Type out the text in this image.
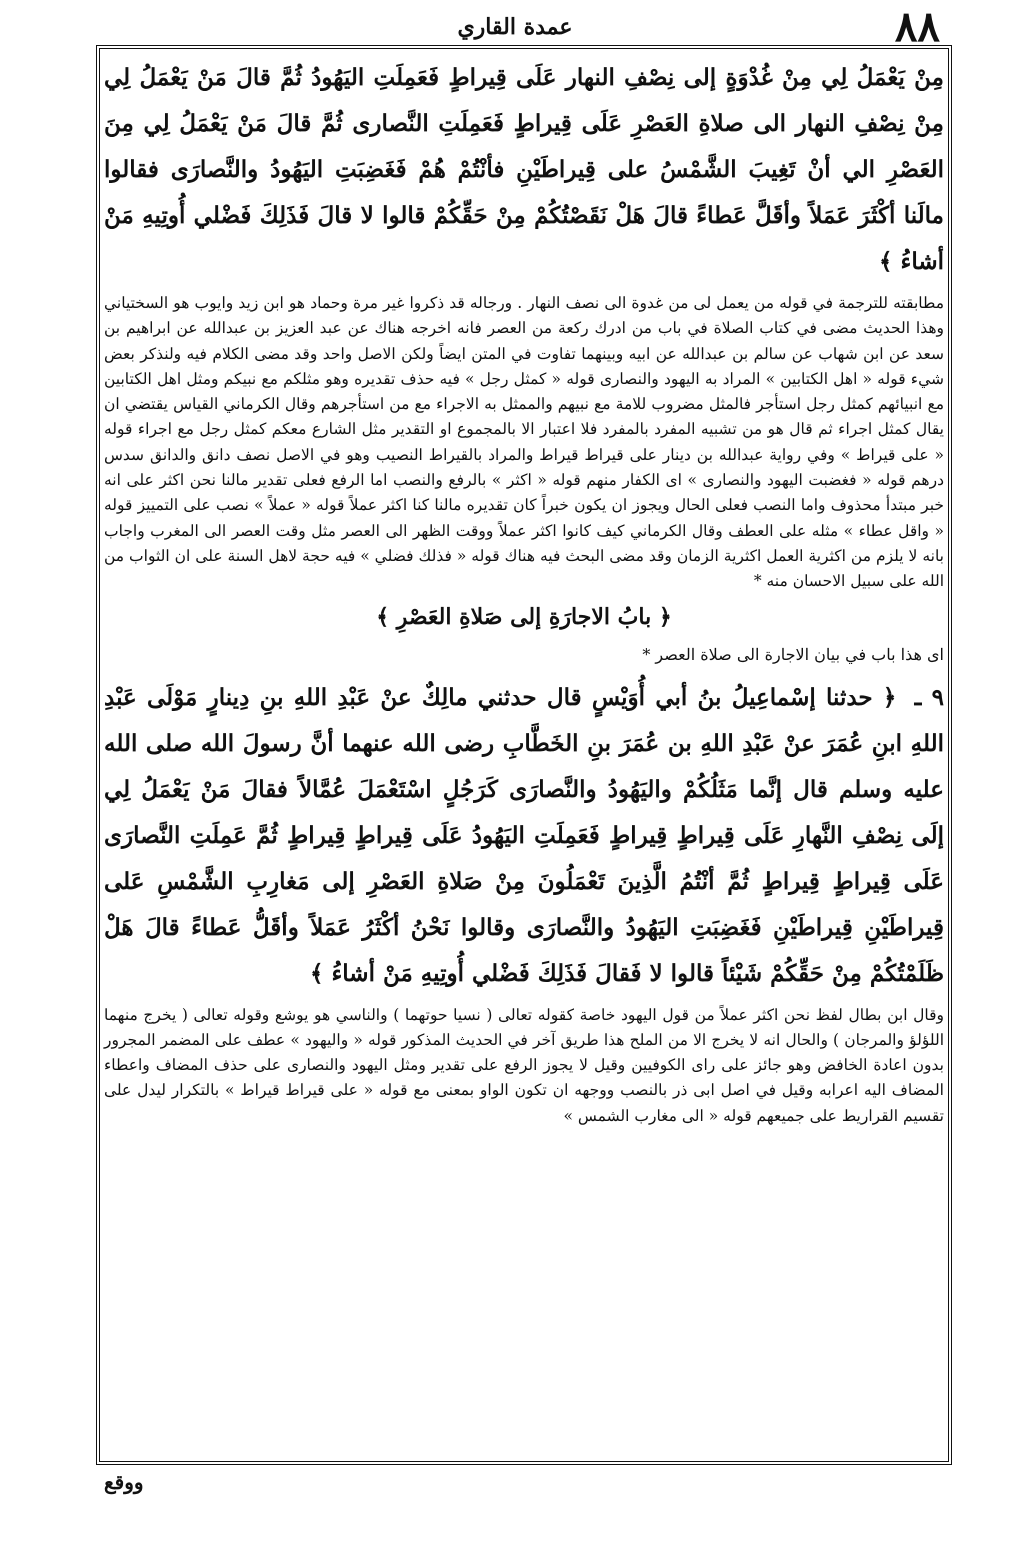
عمدة القاري	٨٨

مِنْ يَعْمَلُ لِي مِنْ غُدْوَةٍ إلى نِصْفِ النهار عَلَى قِيراطٍ فَعَمِلَتِ اليَهُودُ ثُمَّ قالَ مَنْ يَعْمَلُ لِي مِنْ نِصْفِ النهار الى صلاةِ العَصْرِ عَلَى قِيراطٍ فَعَمِلَتِ النَّصارى ثُمَّ قالَ مَنْ يَعْمَلُ لِي مِنَ العَصْرِ الي أنْ تَغِيبَ الشَّمْسُ على قِيراطَيْنِ فأنْتُمْ هُمْ فَغَضِبَتِ اليَهُودُ والنَّصارَى فقالوا مالَنا أكْثَرَ عَمَلاً وأقَلَّ عَطاءً قالَ هَلْ نَقَصْتُكُمْ مِنْ حَقِّكُمْ قالوا لا قالَ فَذَلِكَ فَضْلي أُوتِيهِ مَنْ أشاءُ ﴾

مطابقته للترجمة في قوله من يعمل لى من غدوة الى نصف النهار . ورجاله قد ذكروا غير مرة وحماد هو ابن زيد وايوب هو السختياني وهذا الحديث مضى في كتاب الصلاة في باب من ادرك ركعة من العصر فانه اخرجه هناك عن عبد العزيز بن عبدالله عن ابراهيم بن سعد عن ابن شهاب عن سالم بن عبدالله عن ابيه وبينهما تفاوت في المتن ايضاً ولكن الاصل واحد وقد مضى الكلام فيه ولنذكر بعض شيء قوله « اهل الكتابين » المراد به اليهود والنصارى قوله « كمثل رجل » فيه حذف تقديره وهو مثلكم مع نبيكم ومثل اهل الكتابين مع انبيائهم كمثل رجل استأجر فالمثل مضروب للامة مع نبيهم والممثل به الاجراء مع من استأجرهم وقال الكرماني القياس يقتضي ان يقال كمثل اجراء ثم قال هو من تشبيه المفرد بالمفرد فلا اعتبار الا بالمجموع او التقدير مثل الشارع معكم كمثل رجل مع اجراء قوله « على قيراط » وفي رواية عبدالله بن دينار على قيراط قيراط والمراد بالقيراط النصيب وهو في الاصل نصف دانق والدانق سدس درهم قوله « فغضبت اليهود والنصارى » اى الكفار منهم قوله « اكثر » بالرفع والنصب اما الرفع فعلى تقدير مالنا نحن اكثر على انه خبر مبتدأ محذوف واما النصب فعلى الحال ويجوز ان يكون خبراً كان تقديره مالنا كنا اكثر عملاً قوله « عملاً » نصب على التمييز قوله « واقل عطاء » مثله على العطف وقال الكرماني كيف كانوا اكثر عملاً ووقت الظهر الى العصر مثل وقت العصر الى المغرب واجاب بانه لا يلزم من اكثرية العمل اكثرية الزمان وقد مضى البحث فيه هناك قوله « فذلك فضلي » فيه حجة لاهل السنة على ان الثواب من الله على سبيل الاحسان منه *

﴿ بابُ الاجارَةِ إلى صَلاةِ العَصْرِ ﴾

اى هذا باب في بيان الاجارة الى صلاة العصر *

٩ ـ ﴿ حدثنا إسْماعِيلُ بنُ أبي أُوَيْسٍ قال حدثني مالِكٌ عنْ عَبْدِ اللهِ بنِ دِينارٍ مَوْلَى عَبْدِ اللهِ ابنِ عُمَرَ عنْ عَبْدِ اللهِ بن عُمَرَ بنِ الخَطَّابِ رضى الله عنهما أنَّ رسولَ الله صلى الله عليه وسلم قال إنَّما مَثَلُكُمْ واليَهُودُ والنَّصارَى كَرَجُلٍ اسْتَعْمَلَ عُمَّالاً فقالَ مَنْ يَعْمَلُ لِي إلَى نِصْفِ النَّهارِ عَلَى قِيراطٍ قِيراطٍ فَعَمِلَتِ اليَهُودُ عَلَى قِيراطٍ قِيراطٍ ثُمَّ عَمِلَتِ النَّصارَى عَلَى قِيراطٍ قِيراطٍ ثُمَّ أنْتُمُ الَّذِينَ تَعْمَلُونَ مِنْ صَلاةِ العَصْرِ إلى مَغارِبِ الشَّمْسِ عَلى قِيراطَيْنِ قِيراطَيْنِ فَغَضِبَتِ اليَهُودُ والنَّصارَى وقالوا نَحْنُ أكْثَرُ عَمَلاً وأقَلُّ عَطاءً قالَ هَلْ ظَلَمْتُكُمْ مِنْ حَقِّكُمْ شَيْئاً قالوا لا فَقالَ فَذَلِكَ فَضْلي أُوتِيهِ مَنْ أشاءُ ﴾

وقال ابن بطال لفظ نحن اكثر عملاً من قول اليهود خاصة كقوله تعالى ( نسيا حوتهما ) والناسي هو يوشع وقوله تعالى ( يخرج منهما اللؤلؤ والمرجان ) والحال انه لا يخرج الا من الملح هذا طريق آخر في الحديث المذكور قوله « واليهود » عطف على المضمر المجرور بدون اعادة الخافض وهو جائز على راى الكوفيين وقيل لا يجوز الرفع على تقدير ومثل اليهود والنصارى على حذف المضاف واعطاء المضاف اليه اعرابه وقيل في اصل ابى ذر بالنصب ووجهه ان تكون الواو بمعنى مع قوله « على قيراط قيراط » بالتكرار ليدل على تقسيم القراريط على جميعهم قوله « الى مغارب الشمس »

ووقع
